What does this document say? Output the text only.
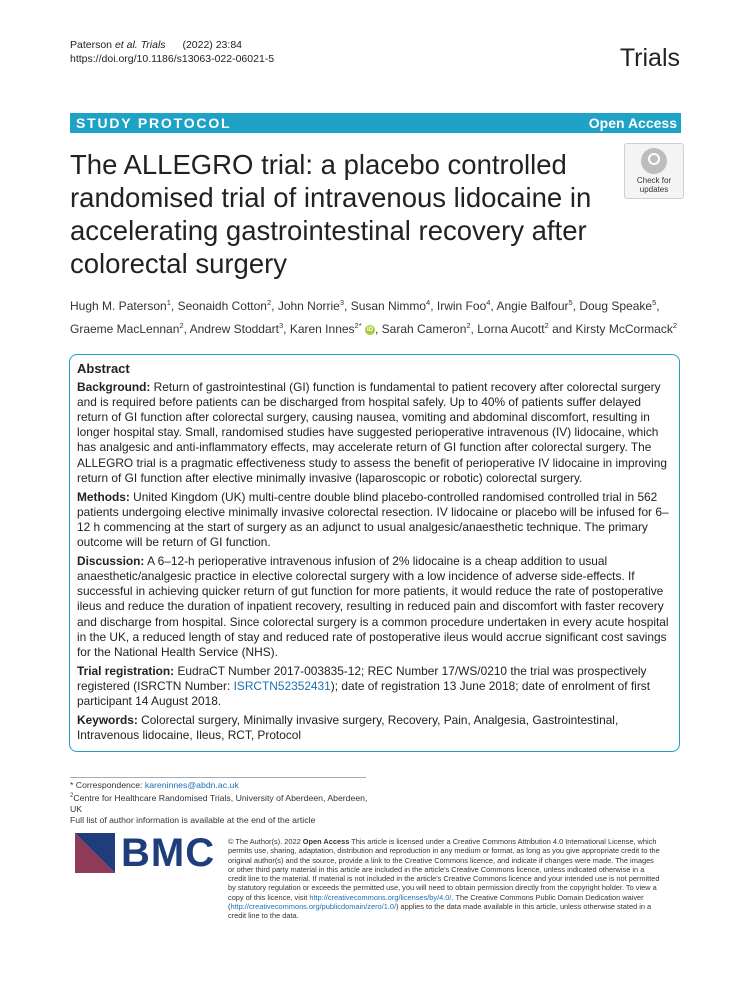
Paterson et al. Trials (2022) 23:84
https://doi.org/10.1186/s13063-022-06021-5	Trials
STUDY PROTOCOL	Open Access
The ALLEGRO trial: a placebo controlled randomised trial of intravenous lidocaine in accelerating gastrointestinal recovery after colorectal surgery
Check for
updates
Hugh M. Paterson$^1$, Seonaidh Cotton$^2$, John Norrie$^3$, Susan Nimmo$^4$, Irwin Foo$^4$, Angie Balfour$^5$, Doug Speake$^5$, Graeme MacLennan$^2$, Andrew Stoddart$^3$, Karen Innes$^{2*}$ iD , Sarah Cameron$^2$, Lorna Aucott$^2$ and Kirsty McCormack$^2$
Abstract

Background: Return of gastrointestinal (GI) function is fundamental to patient recovery after colorectal surgery and is required before patients can be discharged from hospital safely. Up to 40% of patients suffer delayed return of GI function after colorectal surgery, causing nausea, vomiting and abdominal discomfort, resulting in longer hospital stay. Small, randomised studies have suggested perioperative intravenous (IV) lidocaine, which has analgesic and anti-inflammatory effects, may accelerate return of GI function after colorectal surgery. The ALLEGRO trial is a pragmatic effectiveness study to assess the benefit of perioperative IV lidocaine in improving return of GI function after elective minimally invasive (laparoscopic or robotic) colorectal surgery.

Methods: United Kingdom (UK) multi-centre double blind placebo-controlled randomised controlled trial in 562 patients undergoing elective minimally invasive colorectal resection. IV lidocaine or placebo will be infused for 6–12 h commencing at the start of surgery as an adjunct to usual analgesic/anaesthetic technique. The primary outcome will be return of GI function.

Discussion: A 6–12-h perioperative intravenous infusion of 2% lidocaine is a cheap addition to usual anaesthetic/analgesic practice in elective colorectal surgery with a low incidence of adverse side-effects. If successful in achieving quicker return of gut function for more patients, it would reduce the rate of postoperative ileus and reduce the duration of inpatient recovery, resulting in reduced pain and discomfort with faster recovery and discharge from hospital. Since colorectal surgery is a common procedure undertaken in every acute hospital in the UK, a reduced length of stay and reduced rate of postoperative ileus would accrue significant cost savings for the National Health Service (NHS).

Trial registration: EudraCT Number 2017-003835-12; REC Number 17/WS/0210 the trial was prospectively registered (ISRCTN Number: ISRCTN52352431); date of registration 13 June 2018; date of enrolment of first participant 14 August 2018.

Keywords: Colorectal surgery, Minimally invasive surgery, Recovery, Pain, Analgesia, Gastrointestinal, Intravenous lidocaine, Ileus, RCT, Protocol

* Correspondence: kareninnes@abdn.ac.uk
$^2$Centre for Healthcare Randomised Trials, University of Aberdeen, Aberdeen, UK
Full list of author information is available at the end of the article
BMC © The Author(s). 2022 Open Access This article is licensed under a Creative Commons Attribution 4.0 International License, which permits use, sharing, adaptation, distribution and reproduction in any medium or format, as long as you give appropriate credit to the original author(s) and the source, provide a link to the Creative Commons licence, and indicate if changes were made. The images or other third party material in this article are included in the article's Creative Commons licence, unless indicated otherwise in a credit line to the material. If material is not included in the article's Creative Commons licence and your intended use is not permitted by statutory regulation or exceeds the permitted use, you will need to obtain permission directly from the copyright holder. To view a copy of this licence, visit http://creativecommons.org/licenses/by/4.0/. The Creative Commons Public Domain Dedication waiver (http://creativecommons.org/publicdomain/zero/1.0/) applies to the data made available in this article, unless otherwise stated in a credit line to the data.
